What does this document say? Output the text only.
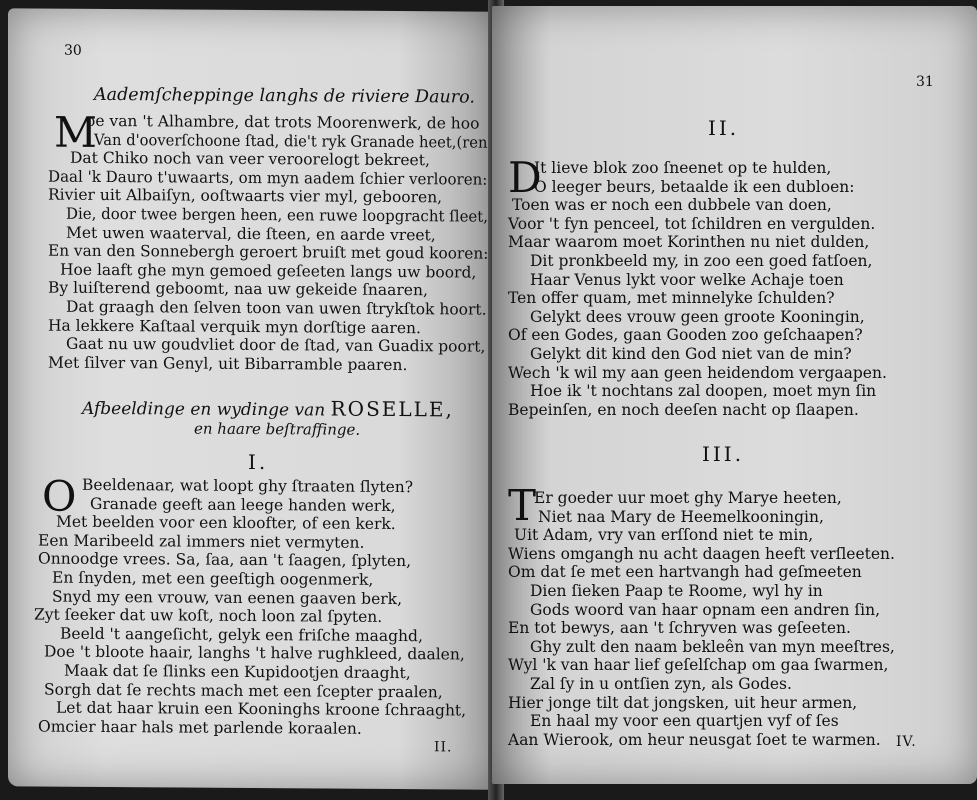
30
Aademſcheppinge langhs de riviere Dauro.
M
oe van 't Alhambre, dat trots Moorenwerk, de hoo
Van d'ooverſchoone ſtad, die't ryk Granade heet,(ren
Dat Chiko noch van veer veroorelogt bekreet,
Daal 'k Dauro t'uwaarts, om myn aadem ſchier verlooren:
Rivier uit Albaiſyn, ooſtwaarts vier myl, gebooren,
Die, door twee bergen heen, een ruwe loopgracht ſleet,
Met uwen waaterval, die ſteen, en aarde vreet,
En van den Sonnebergh geroert bruiſt met goud kooren:
Hoe laaft ghe myn gemoed geſeeten langs uw boord,
By luiſterend geboomt, naa uw gekeide ſnaaren,
Dat graagh den ſelven toon van uwen ſtrykſtok hoort.
Ha lekkere Kaſtaal verquik myn dorſtige aaren.
Gaat nu uw goudvliet door de ſtad, van Guadix poort,
Met ſilver van Genyl, uit Bibarramble paaren.
Afbeeldinge en wydinge van ROSELLE,
en haare beſtraffinge.
I.
O Beeldenaar, wat loopt ghy ſtraaten ſlyten?
Granade geeft aan leege handen werk,
Met beelden voor een kloofter, of een kerk.
Een Maribeeld zal immers niet vermyten.
Onnoodge vrees. Sa, ſaa, aan 't ſaagen, ſplyten,
En ſnyden, met een geeſtigh oogenmerk,
Snyd my een vrouw, van eenen gaaven berk,
Zyt ſeeker dat uw koſt, noch loon zal ſpyten.
Beeld 't aangeſicht, gelyk een friſche maaghd,
Doe 't bloote haair, langhs 't halve rughkleed, daalen,
Maak dat ſe ſlinks een Kupidootjen draaght,
Sorgh dat ſe rechts mach met een ſcepter praalen,
Let dat haar kruin een Kooninghs kroone ſchraaght,
Omcier haar hals met parlende koraalen.
II.
31
II.
D
It lieve blok zoo ſneenet op te hulden,
O leeger beurs, betaalde ik een dubloen:
Toen was er noch een dubbele van doen,
Voor 't fyn penceel, tot ſchildren en vergulden.
Maar waarom moet Korinthen nu niet dulden,
Dit pronkbeeld my, in zoo een goed fatſoen,
Haar Venus lykt voor welke Achaje toen
Ten offer quam, met minnelyke ſchulden?
Gelykt dees vrouw geen groote Kooningin,
Of een Godes, gaan Gooden zoo geſchaapen?
Gelykt dit kind den God niet van de min?
Wech 'k wil my aan geen heidendom vergaapen.
Hoe ik 't nochtans zal doopen, moet myn ſin
Bepeinſen, en noch deeſen nacht op ſlaapen.
III.
T
Er goeder uur moet ghy Marye heeten,
Niet naa Mary de Heemelkooningin,
Uit Adam, vry van erſſond niet te min,
Wiens omgangh nu acht daagen heeft verſleeten.
Om dat ſe met een hartvangh had geſmeeten
Dien ſieken Paap te Roome, wyl hy in
Gods woord van haar opnam een andren ſin,
En tot bewys, aan 't ſchryven was geſeeten.
Ghy zult den naam bekleên van myn meeſtres,
Wyl 'k van haar lief geſelſchap om gaa ſwarmen,
Zal ſy in u ontſien zyn, als Godes.
Hier jonge tilt dat jongsken, uit heur armen,
En haal my voor een quartjen vyf of ſes
Aan Wierook, om heur neusgat ſoet te warmen. IV.
